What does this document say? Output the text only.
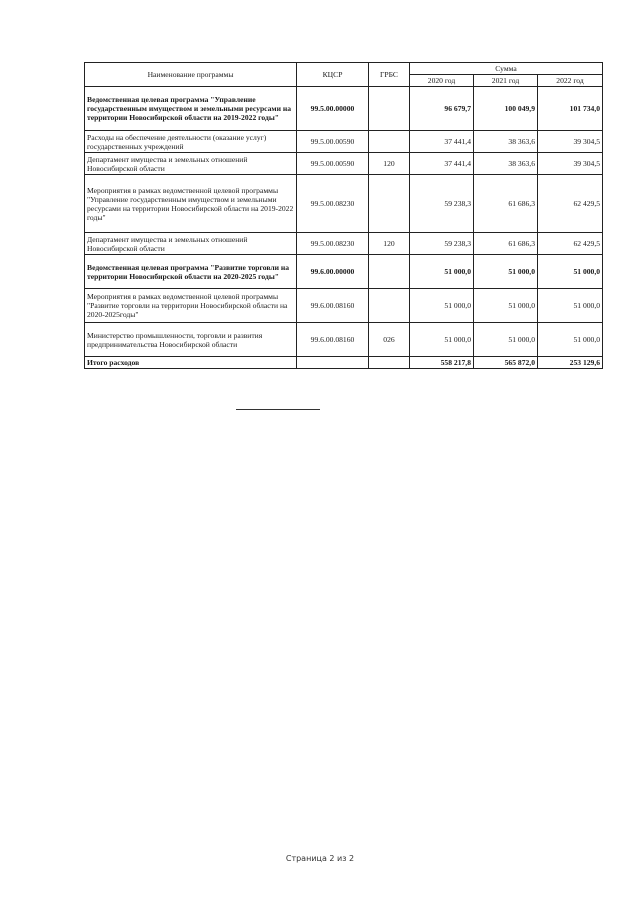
Наименование программы	КЦСР	ГРБС	Сумма		
			2020 год	2021 год	2022 год
Ведомственная целевая программа "Управление государственным имуществом и земельными ресурсами на территории Новосибирской области на 2019-2022 годы"	99.5.00.00000		96 679,7	100 049,9	101 734,0
Расходы на обеспечение деятельности (оказание услуг) государственных учреждений	99.5.00.00590		37 441,4	38 363,6	39 304,5
Департамент имущества и земельных отношений Новосибирской области	99.5.00.00590	120	37 441,4	38 363,6	39 304,5
Мероприятия в рамках ведомственной целевой программы "Управление государственным имуществом и земельными ресурсами на территории Новосибирской области на 2019-2022 годы"	99.5.00.08230		59 238,3	61 686,3	62 429,5
Департамент имущества и земельных отношений Новосибирской области	99.5.00.08230	120	59 238,3	61 686,3	62 429,5
Ведомственная целевая программа "Развитие торговли на территории Новосибирской области на 2020-2025 годы"	99.6.00.00000		51 000,0	51 000,0	51 000,0
Мероприятия в рамках ведомственной целевой программы "Развитие торговли на территории Новосибирской области на 2020-2025годы"	99.6.00.08160		51 000,0	51 000,0	51 000,0
Министерство промышленности, торговли и развития предпринимательства Новосибирской области	99.6.00.08160	026	51 000,0	51 000,0	51 000,0
Итого расходов			558 217,8	565 872,0	253 129,6
Страница 2 из 2
